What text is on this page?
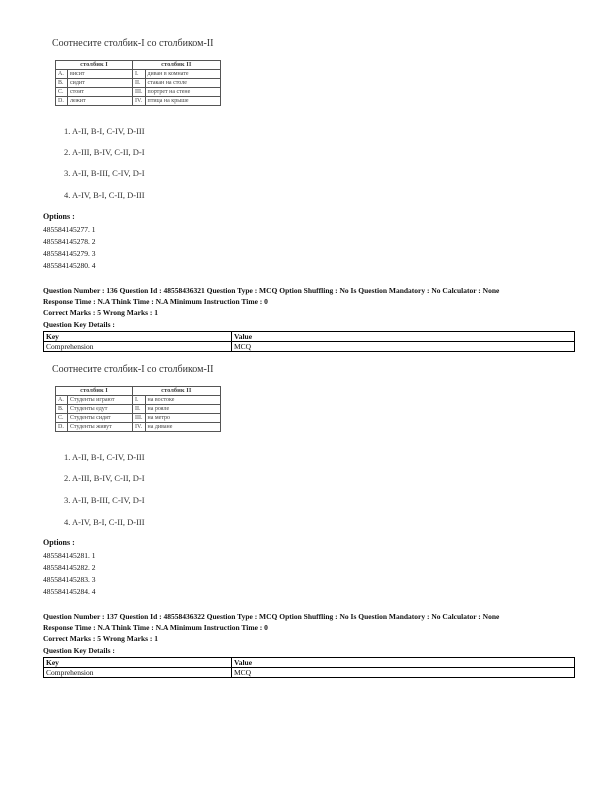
Соотнесите столбик-I со столбиком-II
столбик I		столбик II	
A.	висит	I.	диван в комнате
B.	сидит	II.	стакан на столе
C.	стоит	III.	портрет на стене
D.	лежит	IV.	птица на крыше
1. A-II, B-I, C-IV, D-III
2. A-III, B-IV, C-II, D-I
3. A-II, B-III, C-IV, D-I
4. A-IV, B-I, C-II, D-III
Options :
485584145277. 1
485584145278. 2
485584145279. 3
485584145280. 4
Question Number : 136 Question Id : 48558436321 Question Type : MCQ Option Shuffling : No Is Question Mandatory : No Calculator : None
Response Time : N.A Think Time : N.A Minimum Instruction Time : 0
Correct Marks : 5 Wrong Marks : 1
Question Key Details :
Key	Value
Comprehension	MCQ
Соотнесите столбик-I со столбиком-II
столбик I		столбик II	
A.	Студенты играют	I.	на востоке
B.	Студенты едут	II.	на рояле
C.	Студенты сидят	III.	на метро
D.	Студенты живут	IV.	на диване
1. A-II, B-I, C-IV, D-III
2. A-III, B-IV, C-II, D-I
3. A-II, B-III, C-IV, D-I
4. A-IV, B-I, C-II, D-III
Options :
485584145281. 1
485584145282. 2
485584145283. 3
485584145284. 4
Question Number : 137 Question Id : 48558436322 Question Type : MCQ Option Shuffling : No Is Question Mandatory : No Calculator : None
Response Time : N.A Think Time : N.A Minimum Instruction Time : 0
Correct Marks : 5 Wrong Marks : 1
Question Key Details :
Key	Value
Comprehension	MCQ
